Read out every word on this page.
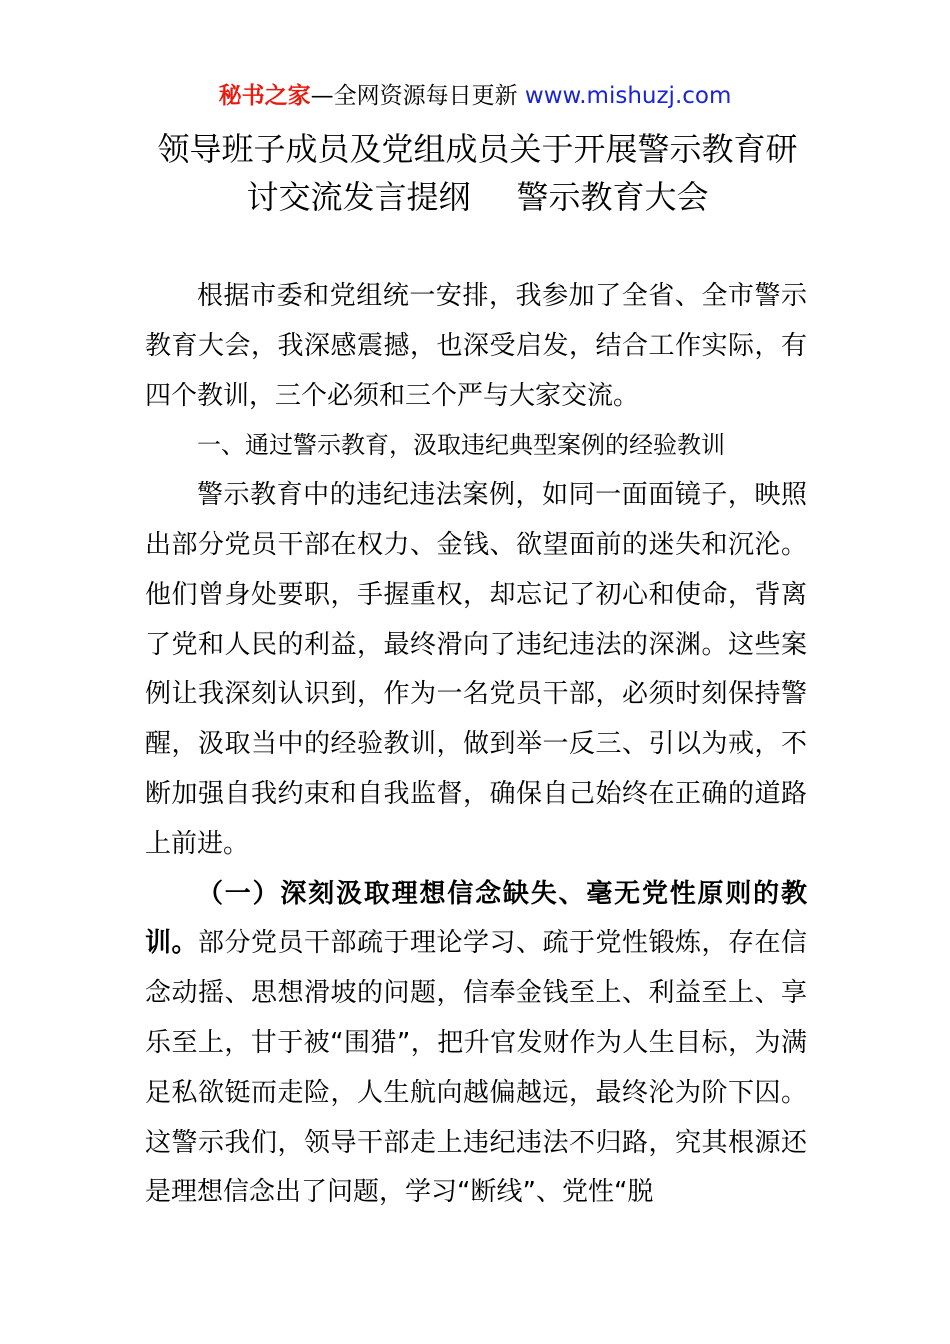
秘书之家—全网资源每日更新 www.mishuzj.com
领导班子成员及党组成员关于开展警示教育研
讨交流发言提纲 警示教育大会

根据市委和党组统一安排，我参加了全省、全市警示教育大会，我深感震撼，也深受启发，结合工作实际，有四个教训，三个必须和三个严与大家交流。

一、通过警示教育，汲取违纪典型案例的经验教训

警示教育中的违纪违法案例，如同一面面镜子，映照出部分党员干部在权力、金钱、欲望面前的迷失和沉沦。他们曾身处要职，手握重权，却忘记了初心和使命，背离了党和人民的利益，最终滑向了违纪违法的深渊。这些案例让我深刻认识到，作为一名党员干部，必须时刻保持警醒，汲取当中的经验教训，做到举一反三、引以为戒，不断加强自我约束和自我监督，确保自己始终在正确的道路上前进。

（一）深刻汲取理想信念缺失、毫无党性原则的教训。部分党员干部疏于理论学习、疏于党性锻炼，存在信念动摇、思想滑坡的问题，信奉金钱至上、利益至上、享乐至上，甘于被“围猎”，把升官发财作为人生目标，为满足私欲铤而走险，人生航向越偏越远，最终沦为阶下囚。这警示我们，领导干部走上违纪违法不归路，究其根源还是理想信念出了问题，学习“断线”、党性“脱
